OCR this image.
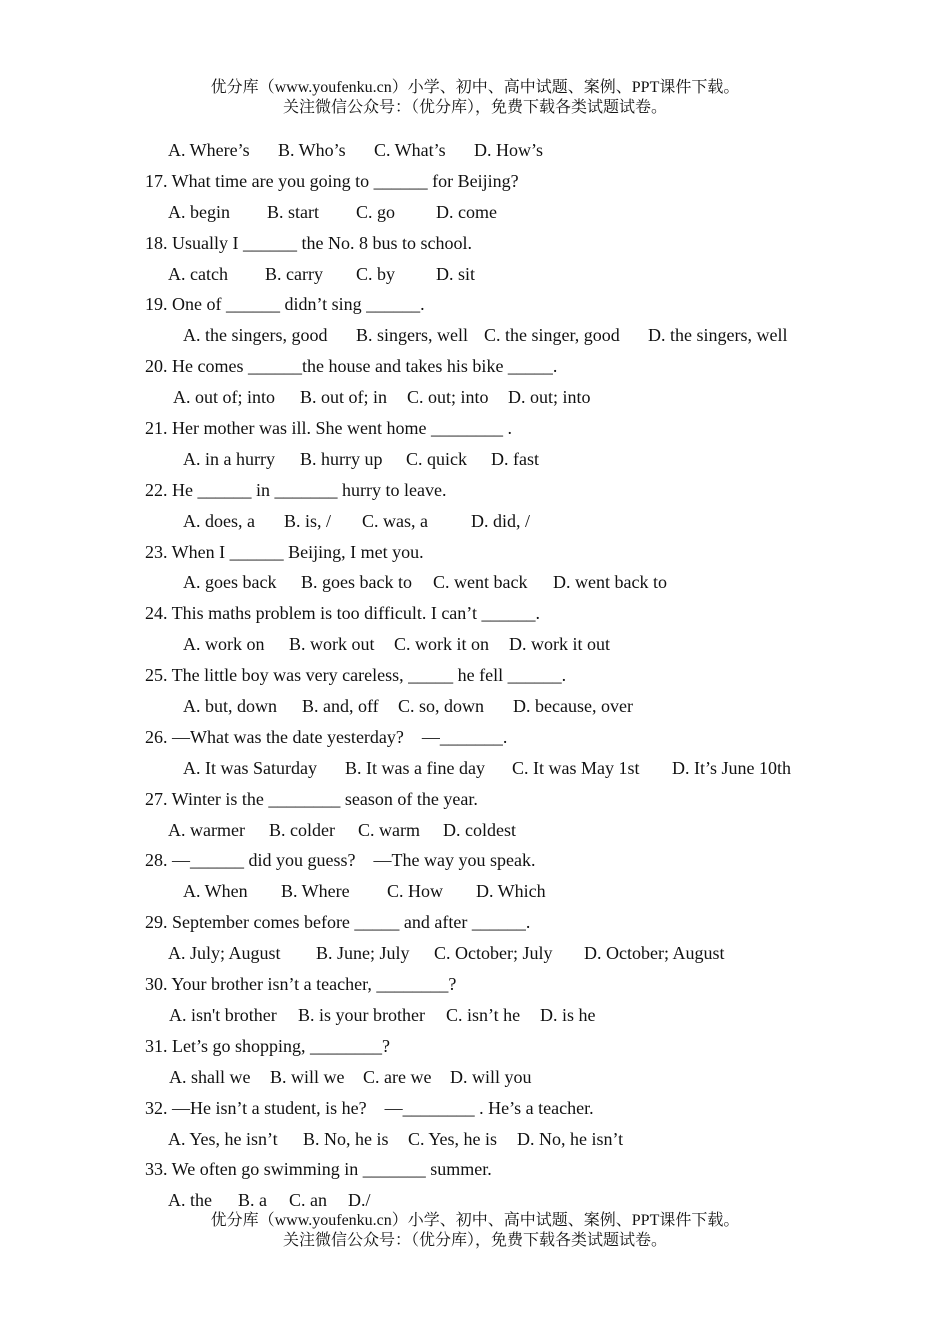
优分库（www.youfenku.cn）小学、初中、高中试题、案例、PPT课件下载。
关注微信公众号：（优分库），免费下载各类试题试卷。
A. Where’s B. Who’s C. What’s D. How’s
17. What time are you going to ______ for Beijing?
A. begin B. start C. go D. come
18. Usually I ______ the No. 8 bus to school.
A. catch B. carry C. by D. sit
19. One of ______ didn’t sing ______.
A. the singers, good B. singers, well C. the singer, good D. the singers, well
20. He comes ______the house and takes his bike _____.
A. out of; into B. out of; in C. out; into D. out; into
21. Her mother was ill. She went home ________ .
A. in a hurry B. hurry up C. quick D. fast
22. He ______ in _______ hurry to leave.
A. does, a B. is, / C. was, a D. did, /
23. When I ______ Beijing, I met you.
A. goes back B. goes back to C. went back D. went back to
24. This maths problem is too difficult. I can’t ______.
A. work on B. work out C. work it on D. work it out
25. The little boy was very careless, _____ he fell ______.
A. but, down B. and, off C. so, down D. because, over
26. —What was the date yesterday?　—_______.
A. It was Saturday B. It was a fine day C. It was May 1st D. It’s June 10th
27. Winter is the ________ season of the year.
A. warmer B. colder C. warm D. coldest
28. —______ did you guess?　—The way you speak.
A. When B. Where C. How D. Which
29. September comes before _____ and after ______.
A. July; August B. June; July C. October; July D. October; August
30. Your brother isn’t a teacher, ________?
A. isn't brother B. is your brother C. isn’t he D. is he
31. Let’s go shopping, ________?
A. shall we B. will we C. are we D. will you
32. —He isn’t a student, is he?　—________ . He’s a teacher.
A. Yes, he isn’t B. No, he is C. Yes, he is D. No, he isn’t
33. We often go swimming in _______ summer.
A. the B. a C. an D./
优分库（www.youfenku.cn）小学、初中、高中试题、案例、PPT课件下载。
关注微信公众号：（优分库），免费下载各类试题试卷。
